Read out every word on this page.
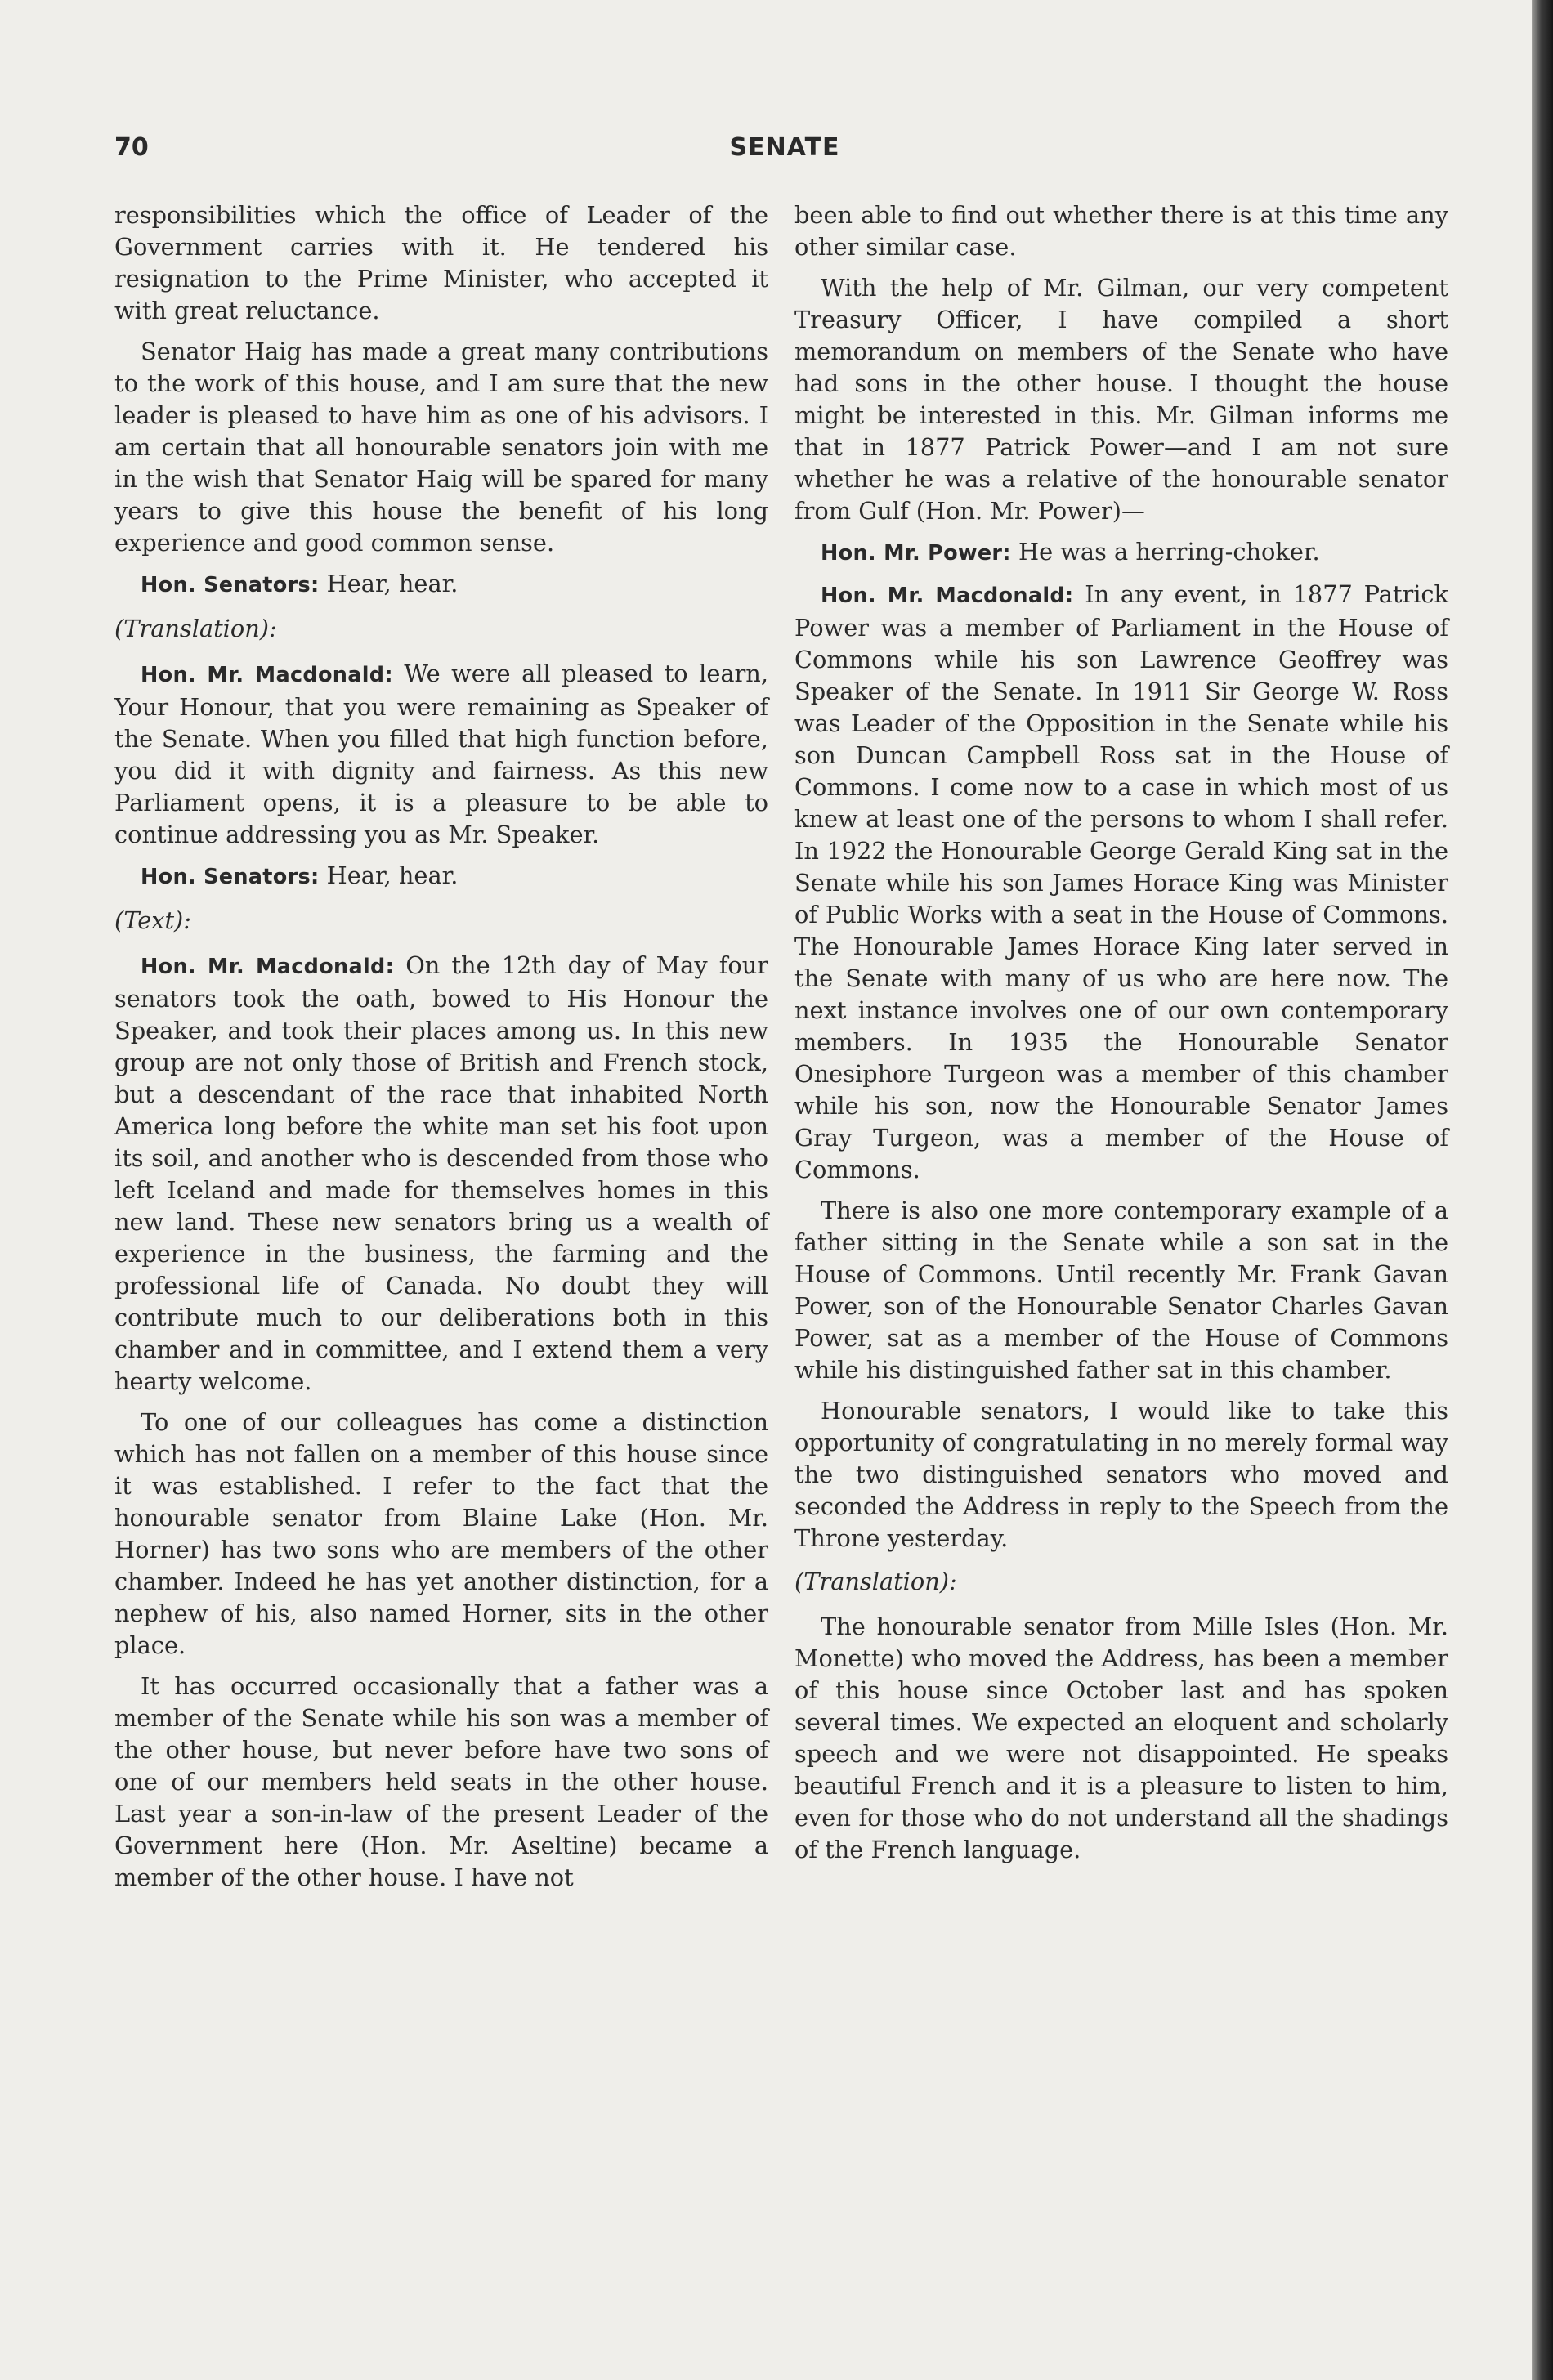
70	SENATE

responsibilities which the office of Leader of the Government carries with it. He tendered his resignation to the Prime Minister, who accepted it with great reluctance.

Senator Haig has made a great many contributions to the work of this house, and I am sure that the new leader is pleased to have him as one of his advisors. I am certain that all honourable senators join with me in the wish that Senator Haig will be spared for many years to give this house the benefit of his long experience and good common sense.

Hon. Senators: Hear, hear.

(Translation):

Hon. Mr. Macdonald: We were all pleased to learn, Your Honour, that you were remaining as Speaker of the Senate. When you filled that high function before, you did it with dignity and fairness. As this new Parliament opens, it is a pleasure to be able to continue addressing you as Mr. Speaker.

Hon. Senators: Hear, hear.

(Text):

Hon. Mr. Macdonald: On the 12th day of May four senators took the oath, bowed to His Honour the Speaker, and took their places among us. In this new group are not only those of British and French stock, but a descendant of the race that inhabited North America long before the white man set his foot upon its soil, and another who is descended from those who left Iceland and made for themselves homes in this new land. These new senators bring us a wealth of experience in the business, the farming and the professional life of Canada. No doubt they will contribute much to our deliberations both in this chamber and in committee, and I extend them a very hearty welcome.

To one of our colleagues has come a distinction which has not fallen on a member of this house since it was established. I refer to the fact that the honourable senator from Blaine Lake (Hon. Mr. Horner) has two sons who are members of the other chamber. Indeed he has yet another distinction, for a nephew of his, also named Horner, sits in the other place.

It has occurred occasionally that a father was a member of the Senate while his son was a member of the other house, but never before have two sons of one of our members held seats in the other house. Last year a son-in-law of the present Leader of the Government here (Hon. Mr. Aseltine) became a member of the other house. I have not

been able to find out whether there is at this time any other similar case.

With the help of Mr. Gilman, our very competent Treasury Officer, I have compiled a short memorandum on members of the Senate who have had sons in the other house. I thought the house might be interested in this. Mr. Gilman informs me that in 1877 Patrick Power—and I am not sure whether he was a relative of the honourable senator from Gulf (Hon. Mr. Power)—

Hon. Mr. Power: He was a herring-choker.

Hon. Mr. Macdonald: In any event, in 1877 Patrick Power was a member of Parliament in the House of Commons while his son Lawrence Geoffrey was Speaker of the Senate. In 1911 Sir George W. Ross was Leader of the Opposition in the Senate while his son Duncan Campbell Ross sat in the House of Commons. I come now to a case in which most of us knew at least one of the persons to whom I shall refer. In 1922 the Honourable George Gerald King sat in the Senate while his son James Horace King was Minister of Public Works with a seat in the House of Commons. The Honourable James Horace King later served in the Senate with many of us who are here now. The next instance involves one of our own contemporary members. In 1935 the Honourable Senator Onesiphore Turgeon was a member of this chamber while his son, now the Honourable Senator James Gray Turgeon, was a member of the House of Commons.

There is also one more contemporary example of a father sitting in the Senate while a son sat in the House of Commons. Until recently Mr. Frank Gavan Power, son of the Honourable Senator Charles Gavan Power, sat as a member of the House of Commons while his distinguished father sat in this chamber.

Honourable senators, I would like to take this opportunity of congratulating in no merely formal way the two distinguished senators who moved and seconded the Address in reply to the Speech from the Throne yesterday.

(Translation):

The honourable senator from Mille Isles (Hon. Mr. Monette) who moved the Address, has been a member of this house since October last and has spoken several times. We expected an eloquent and scholarly speech and we were not disappointed. He speaks beautiful French and it is a pleasure to listen to him, even for those who do not understand all the shadings of the French language.
